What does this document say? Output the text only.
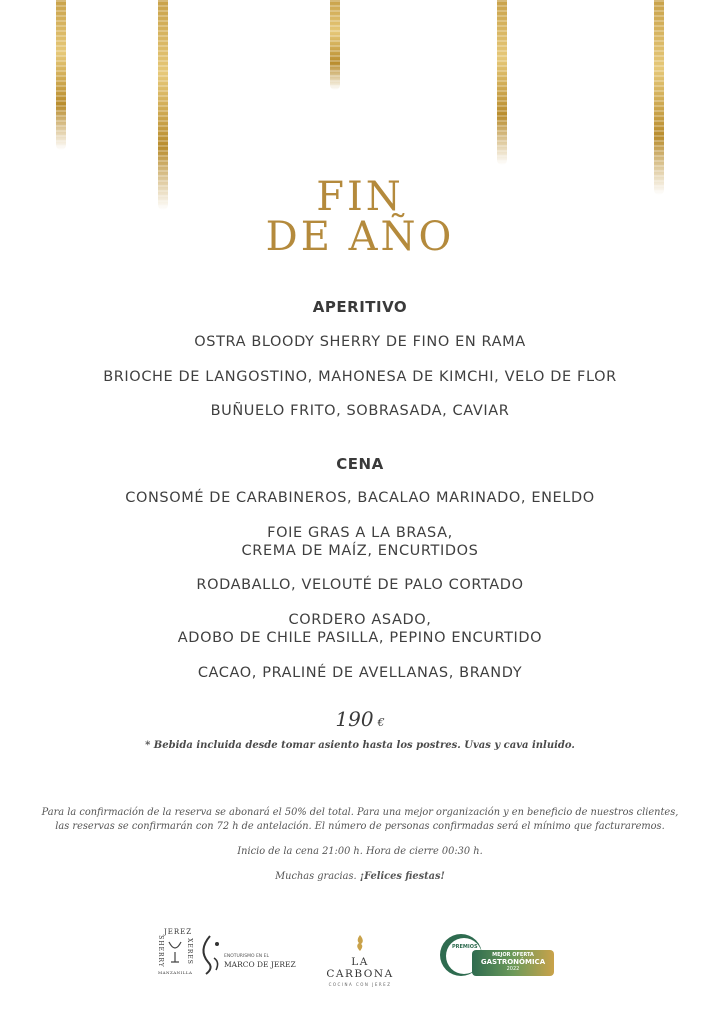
FIN
DE AÑO
APERITIVO
OSTRA BLOODY SHERRY DE FINO EN RAMA
BRIOCHE DE LANGOSTINO, MAHONESA DE KIMCHI, VELO DE FLOR
BUÑUELO FRITO, SOBRASADA, CAVIAR
CENA
CONSOMÉ DE CARABINEROS, BACALAO MARINADO, ENELDO
FOIE GRAS A LA BRASA,
CREMA DE MAÍZ, ENCURTIDOS
RODABALLO, VELOUTÉ DE PALO CORTADO
CORDERO ASADO,
ADOBO DE CHILE PASILLA, PEPINO ENCURTIDO
CACAO, PRALINÉ DE AVELLANAS, BRANDY
190 €
* Bebida incluida desde tomar asiento hasta los postres. Uvas y cava inluido.
Para la confirmación de la reserva se abonará el 50% del total. Para una mejor organización y en beneficio de nuestros clientes, las reservas se confirmarán con 72 h de antelación. El número de personas confirmadas será el mínimo que facturaremos.
Inicio de la cena 21:00 h. Hora de cierre 00:30 h.
Muchas gracias. ¡Felices fiestas!
JEREZ
SHERRY	XERES
MANZANILLA
ENOTURISMO EN EL
MARCO DE JEREZ	LA CARBONA
COCINA CON JEREZ
PREMIOS
MEJOR OFERTA
GASTRONÓMICA
2022
